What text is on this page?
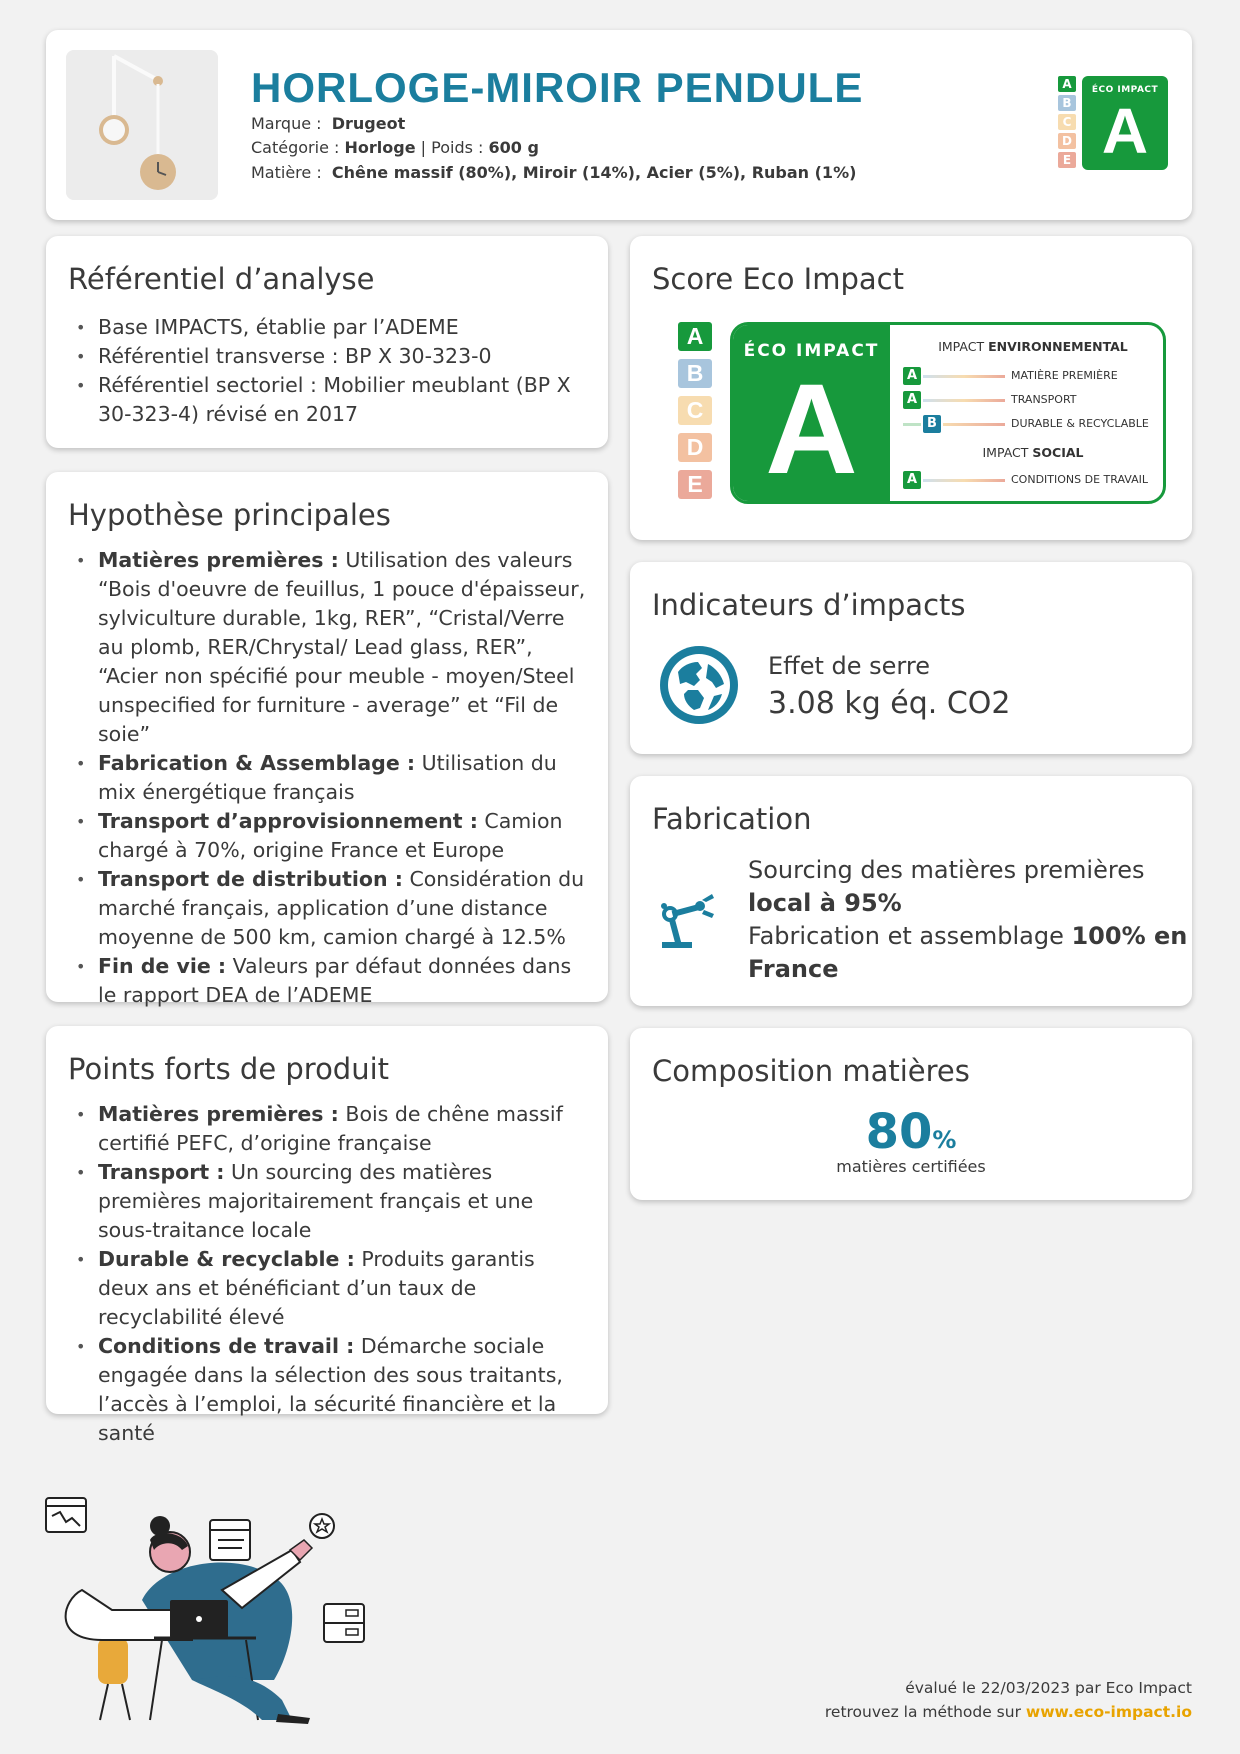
HORLOGE-MIROIR PENDULE
Marque : Drugeot
Catégorie : Horloge | Poids : 600 g
Matière : Chêne massif (80%), Miroir (14%), Acier (5%), Ruban (1%)
A
B
C
D
E
ÉCO IMPACT
A
Référentiel d’analyse
• Base IMPACTS, établie par l’ADEME
• Référentiel transverse : BP X 30-323-0
• Référentiel sectoriel : Mobilier meublant (BP X 30-323-4) révisé en 2017
Hypothèse principales
• Matières premières : Utilisation des valeurs “Bois d'oeuvre de feuillus, 1 pouce d'épaisseur, sylviculture durable, 1kg, RER”, “Cristal/Verre au plomb, RER/Chrystal/ Lead glass, RER”, “Acier non spécifié pour meuble - moyen/Steel unspecified for furniture - average” et “Fil de soie”
• Fabrication & Assemblage : Utilisation du mix énergétique français
• Transport d’approvisionnement : Camion chargé à 70%, origine France et Europe
• Transport de distribution : Considération du marché français, application d’une distance moyenne de 500 km, camion chargé à 12.5%
• Fin de vie : Valeurs par défaut données dans le rapport DEA de l’ADEME
Points forts de produit
• Matières premières : Bois de chêne massif certifié PEFC, d’origine française
• Transport : Un sourcing des matières premières majoritairement français et une sous-traitance locale
• Durable & recyclable : Produits garantis deux ans et bénéficiant d’un taux de recyclabilité élevé
• Conditions de travail : Démarche sociale engagée dans la sélection des sous traitants, l’accès à l’emploi, la sécurité financière et la santé
Score Eco Impact
A
B
C
D
E
ÉCO IMPACT
A
IMPACT ENVIRONNEMENTAL
A	MATIÈRE PREMIÈRE
A	TRANSPORT
B	DURABLE & RECYCLABLE
IMPACT SOCIAL
A	CONDITIONS DE TRAVAIL
Indicateurs d’impacts
Effet de serre
3.08 kg éq. CO2
Fabrication
Sourcing des matières premières
local à 95%
Fabrication et assemblage 100% en
France
Composition matières
80%
matières certifiées
évalué le 22/03/2023 par Eco Impact
retrouvez la méthode sur www.eco-impact.io
